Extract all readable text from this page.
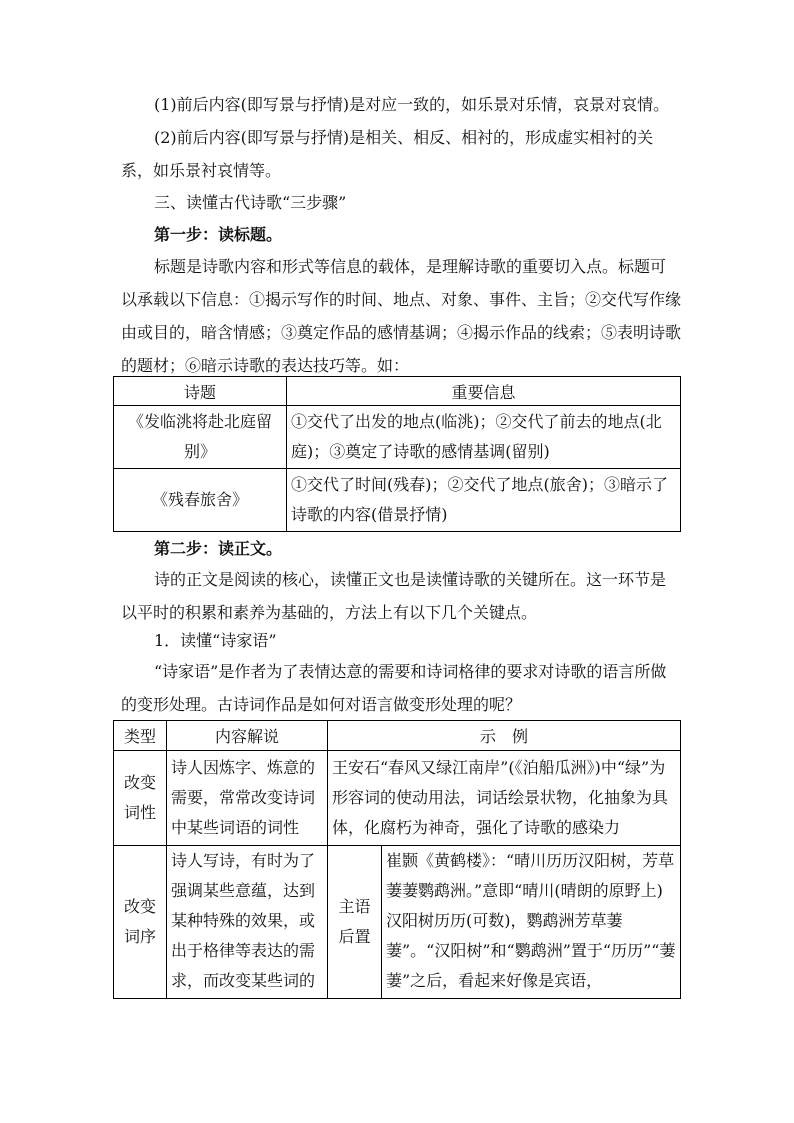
(1)前后内容(即写景与抒情)是对应一致的，如乐景对乐情，哀景对哀情。

(2)前后内容(即写景与抒情)是相关、相反、相衬的，形成虚实相衬的关系，如乐景衬哀情等。

三、读懂古代诗歌“三步骤”

第一步：读标题。

标题是诗歌内容和形式等信息的载体，是理解诗歌的重要切入点。标题可以承载以下信息：①揭示写作的时间、地点、对象、事件、主旨；②交代写作缘由或目的，暗含情感；③奠定作品的感情基调；④揭示作品的线索；⑤表明诗歌的题材；⑥暗示诗歌的表达技巧等。如：

诗题	重要信息
《发临洮将赴北庭留别》	①交代了出发的地点(临洮)；②交代了前去的地点(北庭)；③奠定了诗歌的感情基调(留别)
《残春旅舍》	①交代了时间(残春)；②交代了地点(旅舍)；③暗示了诗歌的内容(借景抒情)

第二步：读正文。

诗的正文是阅读的核心，读懂正文也是读懂诗歌的关键所在。这一环节是以平时的积累和素养为基础的，方法上有以下几个关键点。

1．读懂“诗家语”

“诗家语”是作者为了表情达意的需要和诗词格律的要求对诗歌的语言所做的变形处理。古诗词作品是如何对语言做变形处理的呢？

类型	内容解说	示　例	
改变词性	诗人因炼字、炼意的需要，常常改变诗词中某些词语的词性	王安石“春风又绿江南岸”(《泊船瓜洲》)中“绿”为形容词的使动用法，词话绘景状物，化抽象为具体，化腐朽为神奇，强化了诗歌的感染力	
改变词序	诗人写诗，有时为了强调某些意蕴，达到某种特殊的效果，或出于格律等表达的需求，而改变某些词的	主语后置	崔颢《黄鹤楼》：“晴川历历汉阳树，芳草萋萋鹦鹉洲。”意即“晴川(晴朗的原野上)汉阳树历历(可数)，鹦鹉洲芳草萋萋”。“汉阳树”和“鹦鹉洲”置于“历历”“萋萋”之后，看起来好像是宾语，
